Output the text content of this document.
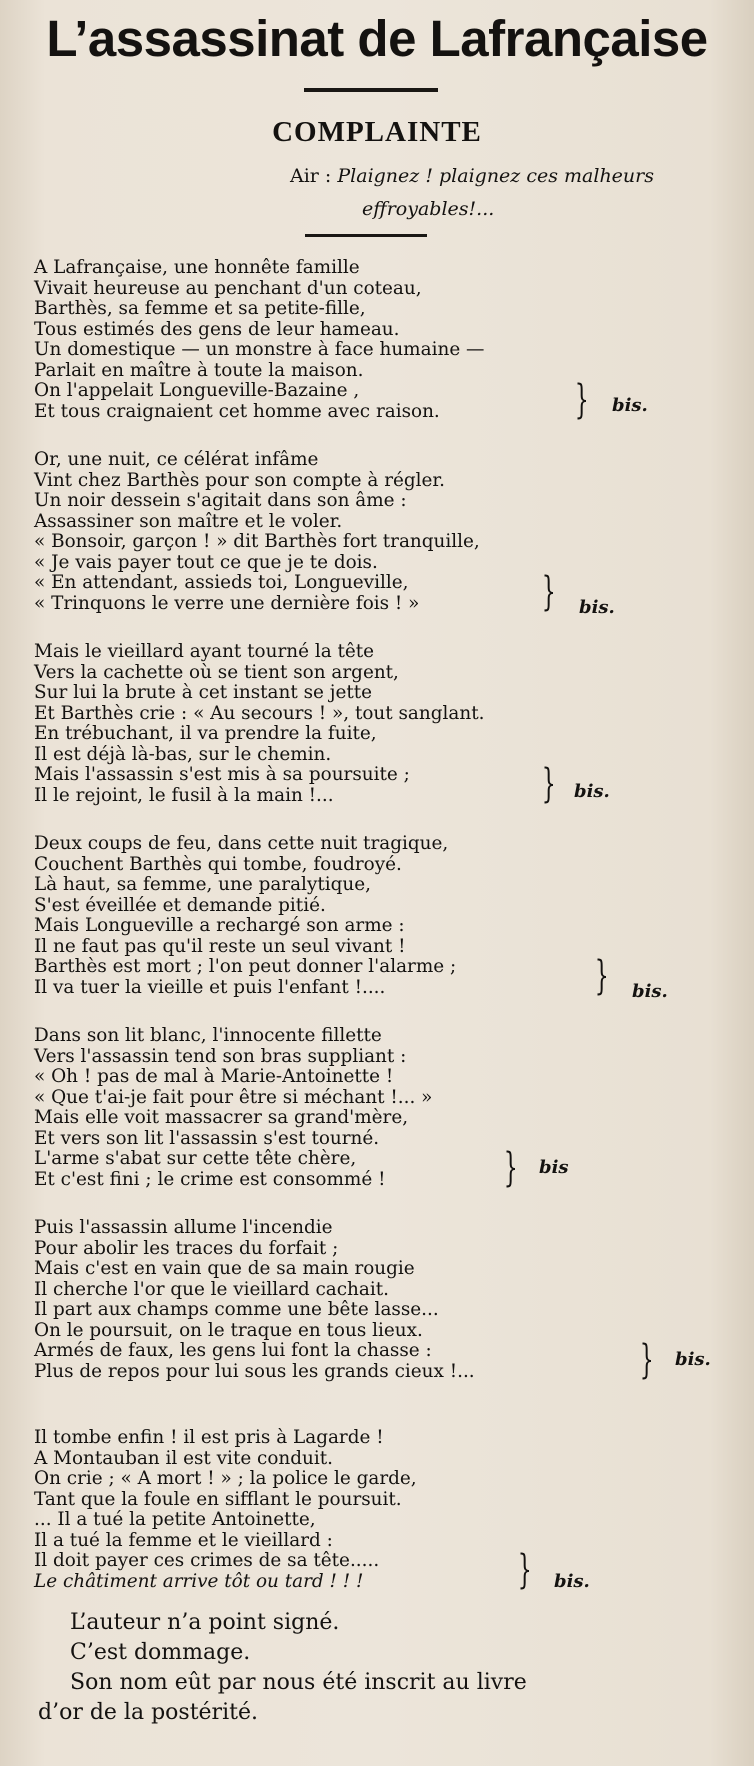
L’assassinat de Lafrançaise
COMPLAINTE

Air : Plaignez ! plaignez ces malheurs
effroyables!...

A Lafrançaise, une honnête famille
Vivait heureuse au penchant d'un coteau,
Barthès, sa femme et sa petite-fille,
Tous estimés des gens de leur hameau.
Un domestique — un monstre à face humaine —
Parlait en maître à toute la maison.
On l'appelait Longueville-Bazaine ,
Et tous craignaient cet homme avec raison.	} bis.
Or, une nuit, ce célérat infâme
Vint chez Barthès pour son compte à régler.
Un noir dessein s'agitait dans son âme :
Assassiner son maître et le voler.
« Bonsoir, garçon ! » dit Barthès fort tranquille,
« Je vais payer tout ce que je te dois.
« En attendant, assieds toi, Longueville,
« Trinquons le verre une dernière fois ! »	} bis.
Mais le vieillard ayant tourné la tête
Vers la cachette où se tient son argent,
Sur lui la brute à cet instant se jette
Et Barthès crie : « Au secours ! », tout sanglant.
En trébuchant, il va prendre la fuite,
Il est déjà là-bas, sur le chemin.
Mais l'assassin s'est mis à sa poursuite ;
Il le rejoint, le fusil à la main !...	} bis.
Deux coups de feu, dans cette nuit tragique,
Couchent Barthès qui tombe, foudroyé.
Là haut, sa femme, une paralytique,
S'est éveillée et demande pitié.
Mais Longueville a rechargé son arme :
Il ne faut pas qu'il reste un seul vivant !
Barthès est mort ; l'on peut donner l'alarme ;
Il va tuer la vieille et puis l'enfant !....	} bis.
Dans son lit blanc, l'innocente fillette
Vers l'assassin tend son bras suppliant :
« Oh ! pas de mal à Marie-Antoinette !
« Que t'ai-je fait pour être si méchant !... »
Mais elle voit massacrer sa grand'mère,
Et vers son lit l'assassin s'est tourné.
L'arme s'abat sur cette tête chère,
Et c'est fini ; le crime est consommé !	} bis
Puis l'assassin allume l'incendie
Pour abolir les traces du forfait ;
Mais c'est en vain que de sa main rougie
Il cherche l'or que le vieillard cachait.
Il part aux champs comme une bête lasse...
On le poursuit, on le traque en tous lieux.
Armés de faux, les gens lui font la chasse :
Plus de repos pour lui sous les grands cieux !...	} bis.
Il tombe enfin ! il est pris à Lagarde !
A Montauban il est vite conduit.
On crie ; « A mort ! » ; la police le garde,
Tant que la foule en sifflant le poursuit.
... Il a tué la petite Antoinette,
Il a tué la femme et le vieillard :
Il doit payer ces crimes de sa tête.....
Le châtiment arrive tôt ou tard ! ! !	} bis.
L’auteur n’a point signé.
C’est dommage.
Son nom eût par nous été inscrit au livre
d’or de la postérité.
